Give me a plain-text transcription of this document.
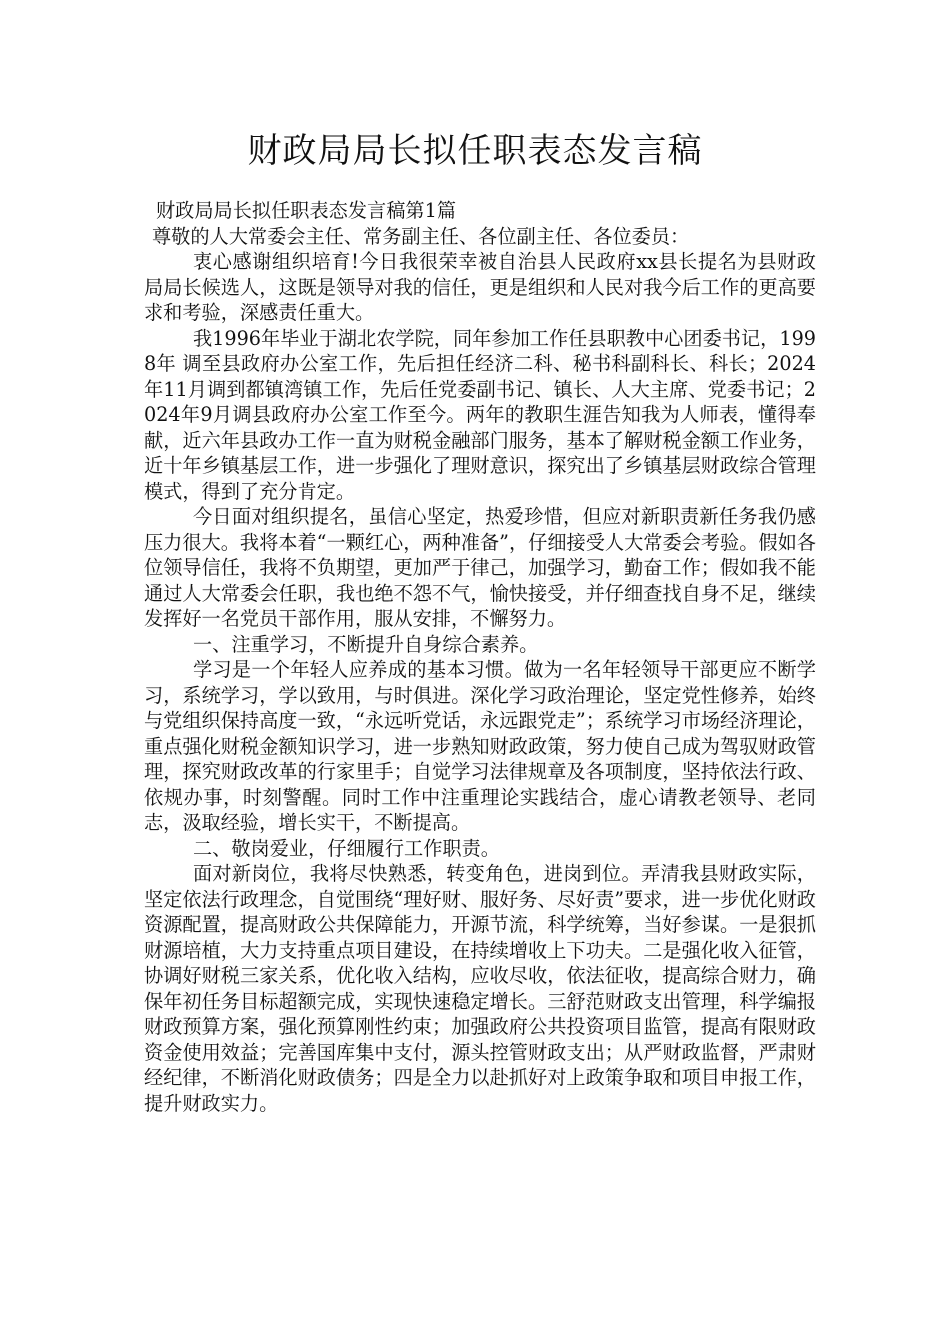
财政局局长拟任职表态发言稿

财政局局长拟任职表态发言稿第1篇

尊敬的人大常委会主任、常务副主任、各位副主任、各位委员：

衷心感谢组织培育!今日我很荣幸被自治县人民政府xx县长提名为县财政局局长候选人，这既是领导对我的信任，更是组织和人民对我今后工作的更高要求和考验，深感责任重大。

我1996年毕业于湖北农学院，同年参加工作任县职教中心团委书记，1998年 调至县政府办公室工作，先后担任经济二科、秘书科副科长、科长；2024年11月调到都镇湾镇工作，先后任党委副书记、镇长、人大主席、党委书记；2024年9月调县政府办公室工作至今。两年的教职生涯告知我为人师表，懂得奉献，近六年县政办工作一直为财税金融部门服务，基本了解财税金额工作业务，近十年乡镇基层工作，进一步强化了理财意识，探究出了乡镇基层财政综合管理模式，得到了充分肯定。

今日面对组织提名，虽信心坚定，热爱珍惜，但应对新职责新任务我仍感压力很大。我将本着“一颗红心，两种准备”，仔细接受人大常委会考验。假如各位领导信任，我将不负期望，更加严于律己，加强学习，勤奋工作；假如我不能通过人大常委会任职，我也绝不怨不气，愉快接受，并仔细查找自身不足，继续发挥好一名党员干部作用，服从安排，不懈努力。

一、注重学习，不断提升自身综合素养。

学习是一个年轻人应养成的基本习惯。做为一名年轻领导干部更应不断学习，系统学习，学以致用，与时俱进。深化学习政治理论，坚定党性修养，始终与党组织保持高度一致，“永远听党话，永远跟党走”；系统学习市场经济理论，重点强化财税金额知识学习，进一步熟知财政政策，努力使自己成为驾驭财政管理，探究财政改革的行家里手；自觉学习法律规章及各项制度，坚持依法行政、依规办事，时刻警醒。同时工作中注重理论实践结合，虚心请教老领导、老同志，汲取经验，增长实干，不断提高。

二、敬岗爱业，仔细履行工作职责。

面对新岗位，我将尽快熟悉，转变角色，进岗到位。弄清我县财政实际，坚定依法行政理念，自觉围绕“理好财、服好务、尽好责”要求，进一步优化财政资源配置，提高财政公共保障能力，开源节流，科学统筹，当好参谋。一是狠抓财源培植，大力支持重点项目建设，在持续增收上下功夫。二是强化收入征管，协调好财税三家关系，优化收入结构，应收尽收，依法征收，提高综合财力，确保年初任务目标超额完成，实现快速稳定增长。三舒范财政支出管理，科学编报财政预算方案，强化预算刚性约束；加强政府公共投资项目监管，提高有限财政资金使用效益；完善国库集中支付，源头控管财政支出；从严财政监督，严肃财经纪律，不断消化财政债务；四是全力以赴抓好对上政策争取和项目申报工作，提升财政实力。
